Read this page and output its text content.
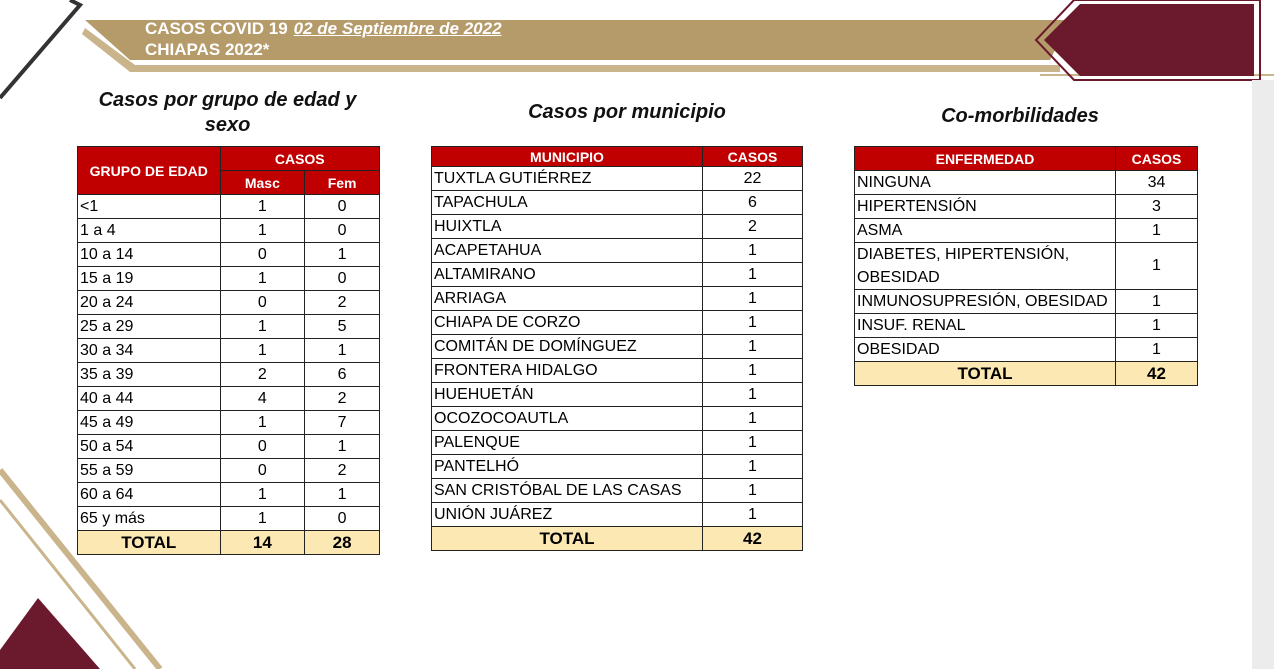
CASOS COVID 19 02 de Septiembre de 2022
CHIAPAS 2022*
Casos por grupo de edad y sexo
Casos por municipio	Co-morbilidades
GRUPO DE EDAD	CASOS	
	Masc	Fem
<1	1	0
1 a 4	1	0
10 a 14	0	1
15 a 19	1	0
20 a 24	0	2
25 a 29	1	5
30 a 34	1	1
35 a 39	2	6
40 a 44	4	2
45 a 49	1	7
50 a 54	0	1
55 a 59	0	2
60 a 64	1	1
65 y más	1	0
TOTAL	14	28
MUNICIPIO	CASOS
TUXTLA GUTIÉRREZ	22
TAPACHULA	6
HUIXTLA	2
ACAPETAHUA	1
ALTAMIRANO	1
ARRIAGA	1
CHIAPA DE CORZO	1
COMITÁN DE DOMÍNGUEZ	1
FRONTERA HIDALGO	1
HUEHUETÁN	1
OCOZOCOAUTLA	1
PALENQUE	1
PANTELHÓ	1
SAN CRISTÓBAL DE LAS CASAS	1
UNIÓN JUÁREZ	1
TOTAL	42
ENFERMEDAD	CASOS
NINGUNA	34
HIPERTENSIÓN	3
ASMA	1
DIABETES, HIPERTENSIÓN, OBESIDAD	1
INMUNOSUPRESIÓN, OBESIDAD	1
INSUF. RENAL	1
OBESIDAD	1
TOTAL	42
